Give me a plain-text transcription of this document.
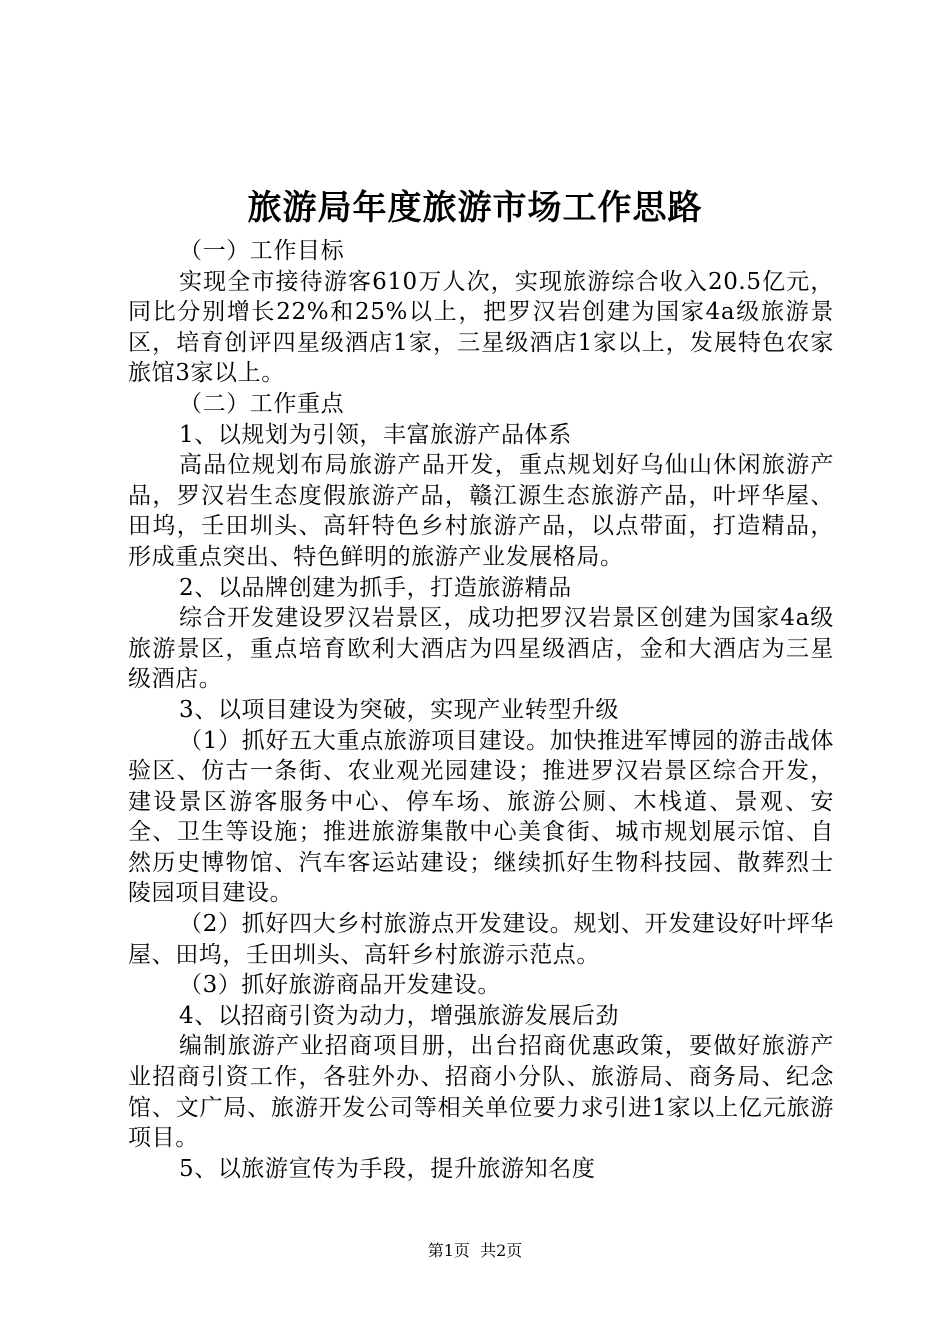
旅游局年度旅游市场工作思路

（一）工作目标

实现全市接待游客610万人次，实现旅游综合收入20.5亿元，同比分别增长22%和25%以上，把罗汉岩创建为国家4a级旅游景区，培育创评四星级酒店1家，三星级酒店1家以上，发展特色农家旅馆3家以上。

（二）工作重点

1、以规划为引领，丰富旅游产品体系

高品位规划布局旅游产品开发，重点规划好乌仙山休闲旅游产品，罗汉岩生态度假旅游产品，赣江源生态旅游产品，叶坪华屋、田坞，壬田圳头、高轩特色乡村旅游产品，以点带面，打造精品，形成重点突出、特色鲜明的旅游产业发展格局。

2、以品牌创建为抓手，打造旅游精品

综合开发建设罗汉岩景区，成功把罗汉岩景区创建为国家4a级旅游景区，重点培育欧利大酒店为四星级酒店，金和大酒店为三星级酒店。

3、以项目建设为突破，实现产业转型升级

（1）抓好五大重点旅游项目建设。加快推进军博园的游击战体验区、仿古一条街、农业观光园建设；推进罗汉岩景区综合开发，建设景区游客服务中心、停车场、旅游公厕、木栈道、景观、安全、卫生等设施；推进旅游集散中心美食街、城市规划展示馆、自然历史博物馆、汽车客运站建设；继续抓好生物科技园、散葬烈士陵园项目建设。

（2）抓好四大乡村旅游点开发建设。规划、开发建设好叶坪华屋、田坞，壬田圳头、高轩乡村旅游示范点。

（3）抓好旅游商品开发建设。

4、以招商引资为动力，增强旅游发展后劲

编制旅游产业招商项目册，出台招商优惠政策，要做好旅游产业招商引资工作，各驻外办、招商小分队、旅游局、商务局、纪念馆、文广局、旅游开发公司等相关单位要力求引进1家以上亿元旅游项目。

5、以旅游宣传为手段，提升旅游知名度

第1页  共2页
